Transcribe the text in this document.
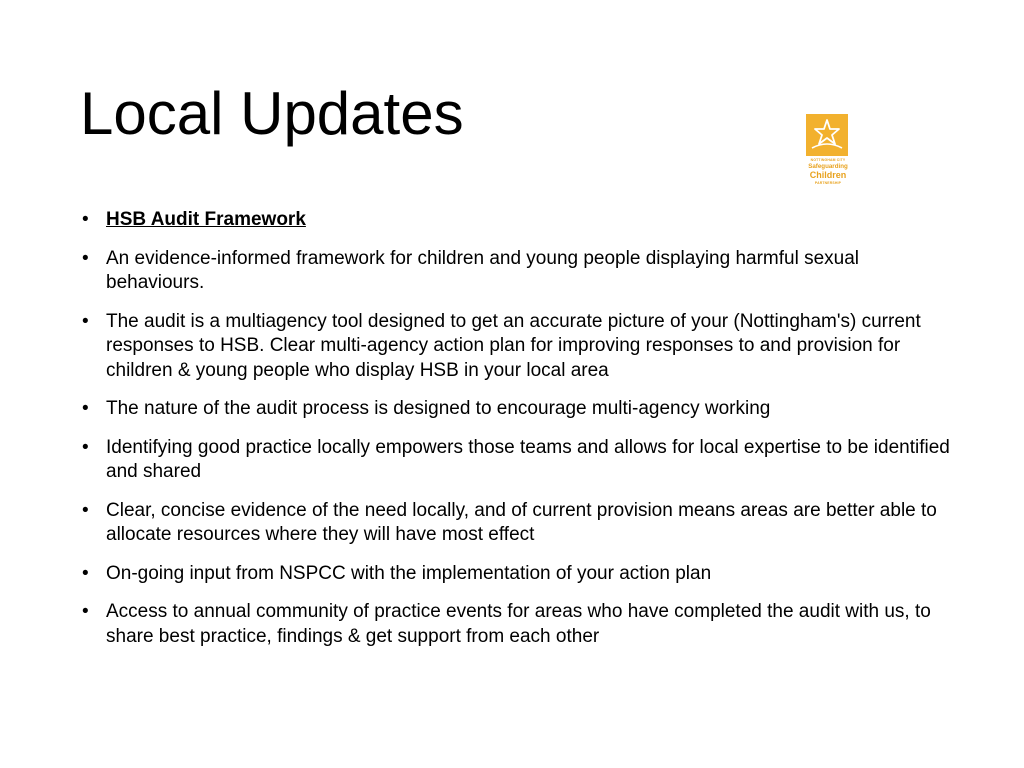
Local Updates
NOTTINGHAM CITY
Safeguarding
Children
PARTNERSHIP
• HSB Audit Framework
• An evidence-informed framework for children and young people displaying harmful sexual behaviours.
• The audit is a multiagency tool designed to get an accurate picture of your (Nottingham's) current responses to HSB. Clear multi-agency action plan for improving responses to and provision for children & young people who display HSB in your local area
• The nature of the audit process is designed to encourage multi-agency working
• Identifying good practice locally empowers those teams and allows for local expertise to be identified and shared
• Clear, concise evidence of the need locally, and of current provision means areas are better able to allocate resources where they will have most effect
• On-going input from NSPCC with the implementation of your action plan
• Access to annual community of practice events for areas who have completed the audit with us, to share best practice, findings & get support from each other
